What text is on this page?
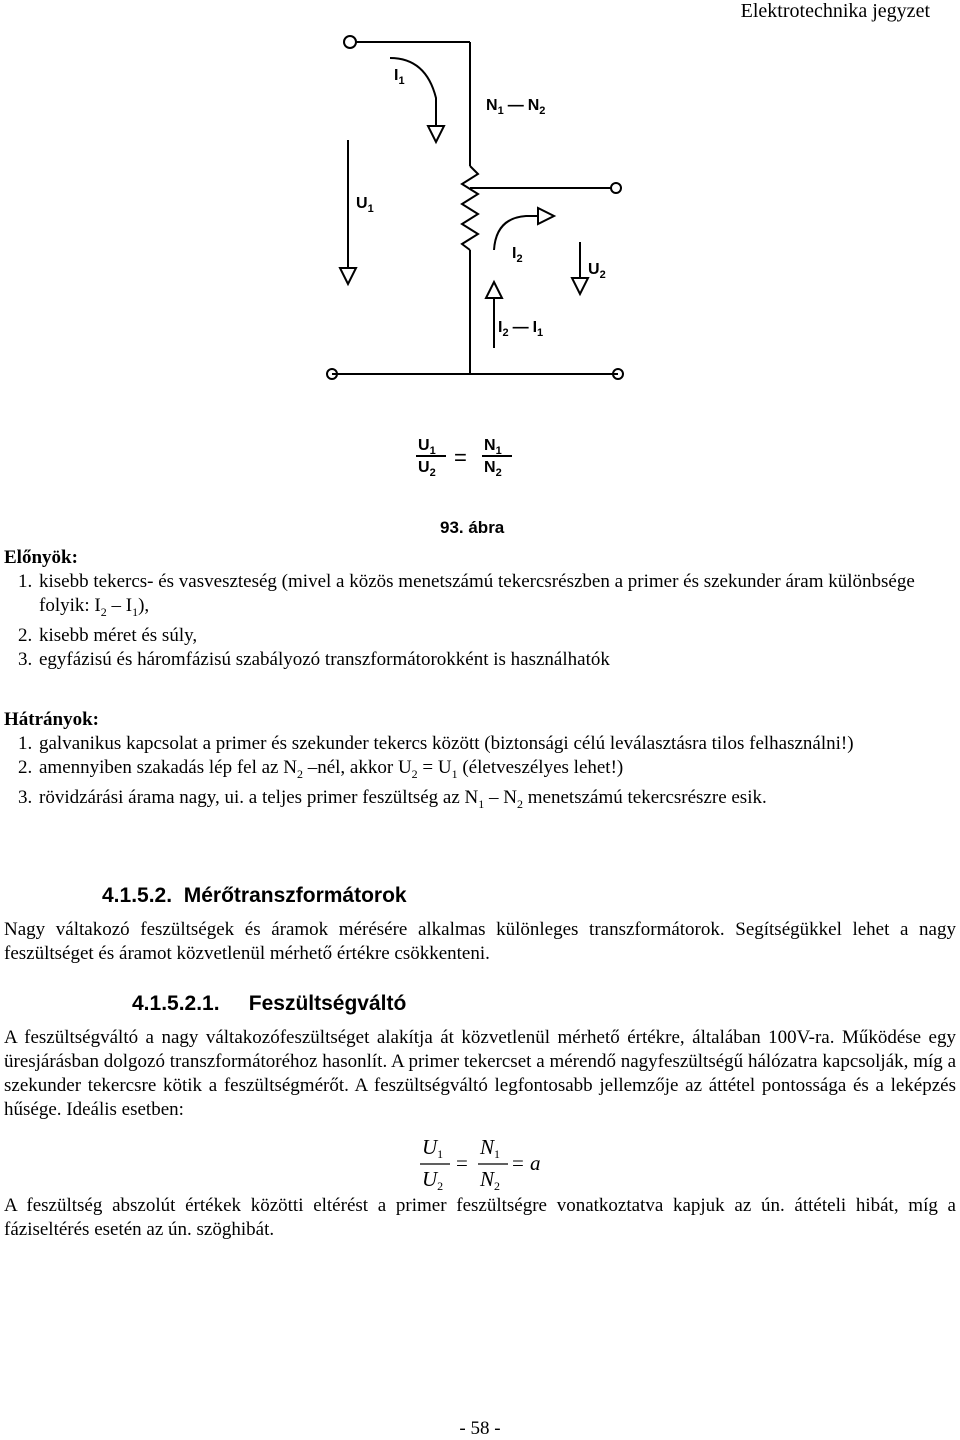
Elektrotechnika jegyzet
$I_1$
$N_1$ — $N_2$
$U_1$
$I_2$
$U_2$
$I_2$ — $I_1$
$U_1$
$U_2$
= $N_1$
$N_2$
93. ábra

Előnyök:

1. kisebb tekercs- és vasveszteség (mivel a közös menetszámú tekercsrészben a primer és szekunder áram különbsége folyik: $I_2 - I_1$),
2. kisebb méret és súly,
3. egyfázisú és háromfázisú szabályozó transzformátorokként is használhatók

Hátrányok:

1. galvanikus kapcsolat a primer és szekunder tekercs között (biztonsági célú leválasztásra tilos felhasználni!)
2. amennyiben szakadás lép fel az $N_2$ –nél, akkor $U_2 = U_1$ (életveszélyes lehet!)
3. rövidzárási árama nagy, ui. a teljes primer feszültség az $N_1 - N_2$ menetszámú tekercsrészre esik.
4.1.5.2. Mérőtranszformátorok
Nagy váltakozó feszültségek és áramok mérésére alkalmas különleges transzformátorok. Segítségükkel lehet a nagy feszültséget és áramot közvetlenül mérhető értékre csökkenteni.
4.1.5.2.1. Feszültségváltó
A feszültségváltó a nagy váltakozófeszültséget alakítja át közvetlenül mérhető értékre, általában 100V-ra. Működése egy üresjárásban dolgozó transzformátoréhoz hasonlít. A primer tekercset a mérendő nagyfeszültségű hálózatra kapcsolják, míg a szekunder tekercsre kötik a feszültségmérőt. A feszültségváltó legfontosabb jellemzője az áttétel pontossága és a leképzés hűsége. Ideális esetben:
U1
U2
=
N1
N2
= a
A feszültség abszolút értékek közötti eltérést a primer feszültségre vonatkoztatva kapjuk az ún. áttételi hibát, míg a fáziseltérés esetén az ún. szöghibát.
- 58 -
